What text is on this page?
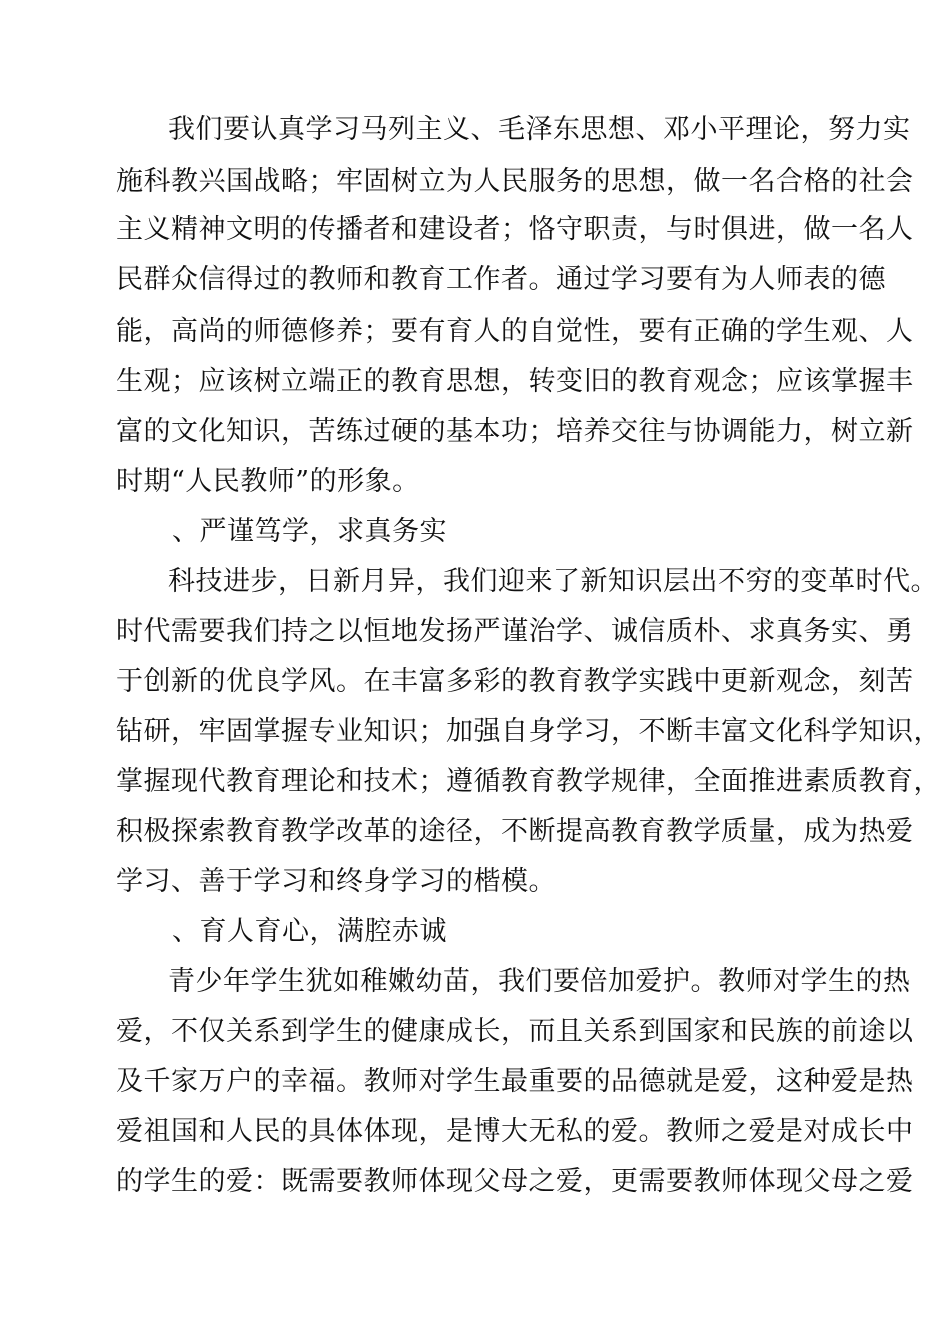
我们要认真学习马列主义、毛泽东思想、邓小平理论，努力实
施科教兴国战略；牢固树立为人民服务的思想，做一名合格的社会
主义精神文明的传播者和建设者；恪守职责，与时俱进，做一名人
民群众信得过的教师和教育工作者。通过学习要有为人师表的德
能，高尚的师德修养；要有育人的自觉性，要有正确的学生观、人
生观；应该树立端正的教育思想，转变旧的教育观念；应该掌握丰
富的文化知识，苦练过硬的基本功；培养交往与协调能力，树立新
时期“人民教师”的形象。
、严谨笃学，求真务实
科技进步，日新月异，我们迎来了新知识层出不穷的变革时代。
时代需要我们持之以恒地发扬严谨治学、诚信质朴、求真务实、勇
于创新的优良学风。在丰富多彩的教育教学实践中更新观念，刻苦
钻研，牢固掌握专业知识；加强自身学习，不断丰富文化科学知识，
掌握现代教育理论和技术；遵循教育教学规律，全面推进素质教育，
积极探索教育教学改革的途径，不断提高教育教学质量，成为热爱
学习、善于学习和终身学习的楷模。
、育人育心，满腔赤诚
青少年学生犹如稚嫩幼苗，我们要倍加爱护。教师对学生的热
爱，不仅关系到学生的健康成长，而且关系到国家和民族的前途以
及千家万户的幸福。教师对学生最重要的品德就是爱，这种爱是热
爱祖国和人民的具体体现，是博大无私的爱。教师之爱是对成长中
的学生的爱：既需要教师体现父母之爱，更需要教师体现父母之爱
